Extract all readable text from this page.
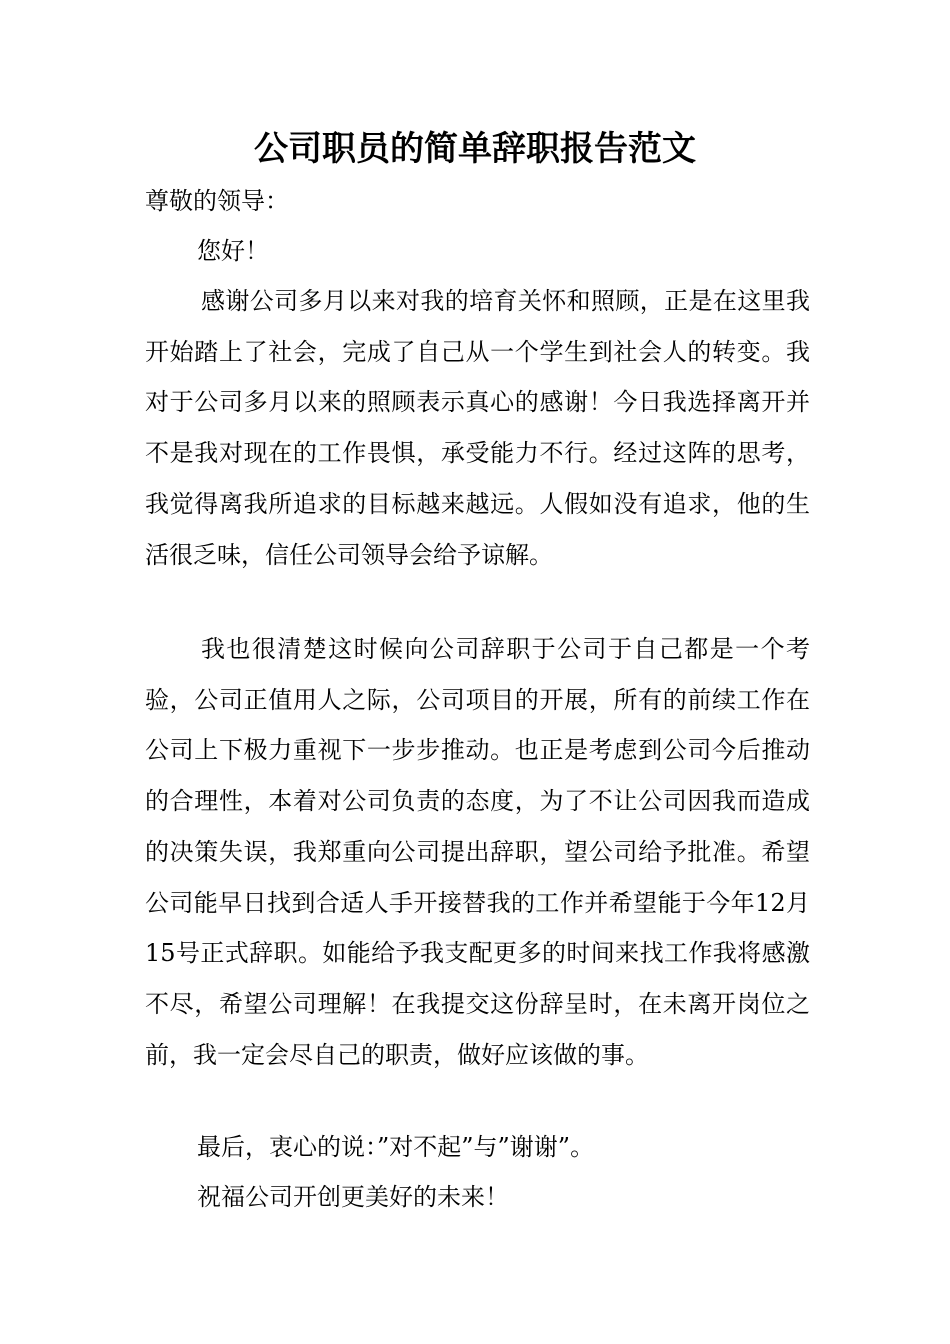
公司职员的简单辞职报告范文

尊敬的领导：

您好！

感谢公司多月以来对我的培育关怀和照顾，正是在这里我开始踏上了社会，完成了自己从一个学生到社会人的转变。我对于公司多月以来的照顾表示真心的感谢！今日我选择离开并不是我对现在的工作畏惧，承受能力不行。经过这阵的思考，我觉得离我所追求的目标越来越远。人假如没有追求，他的生活很乏味，信任公司领导会给予谅解。

我也很清楚这时候向公司辞职于公司于自己都是一个考验，公司正值用人之际，公司项目的开展，所有的前续工作在公司上下极力重视下一步步推动。也正是考虑到公司今后推动的合理性，本着对公司负责的态度，为了不让公司因我而造成的决策失误，我郑重向公司提出辞职，望公司给予批准。希望公司能早日找到合适人手开接替我的工作并希望能于今年12月15号正式辞职。如能给予我支配更多的时间来找工作我将感激不尽，希望公司理解！在我提交这份辞呈时，在未离开岗位之前，我一定会尽自己的职责，做好应该做的事。

最后，衷心的说：”对不起”与”谢谢”。

祝福公司开创更美好的未来！
